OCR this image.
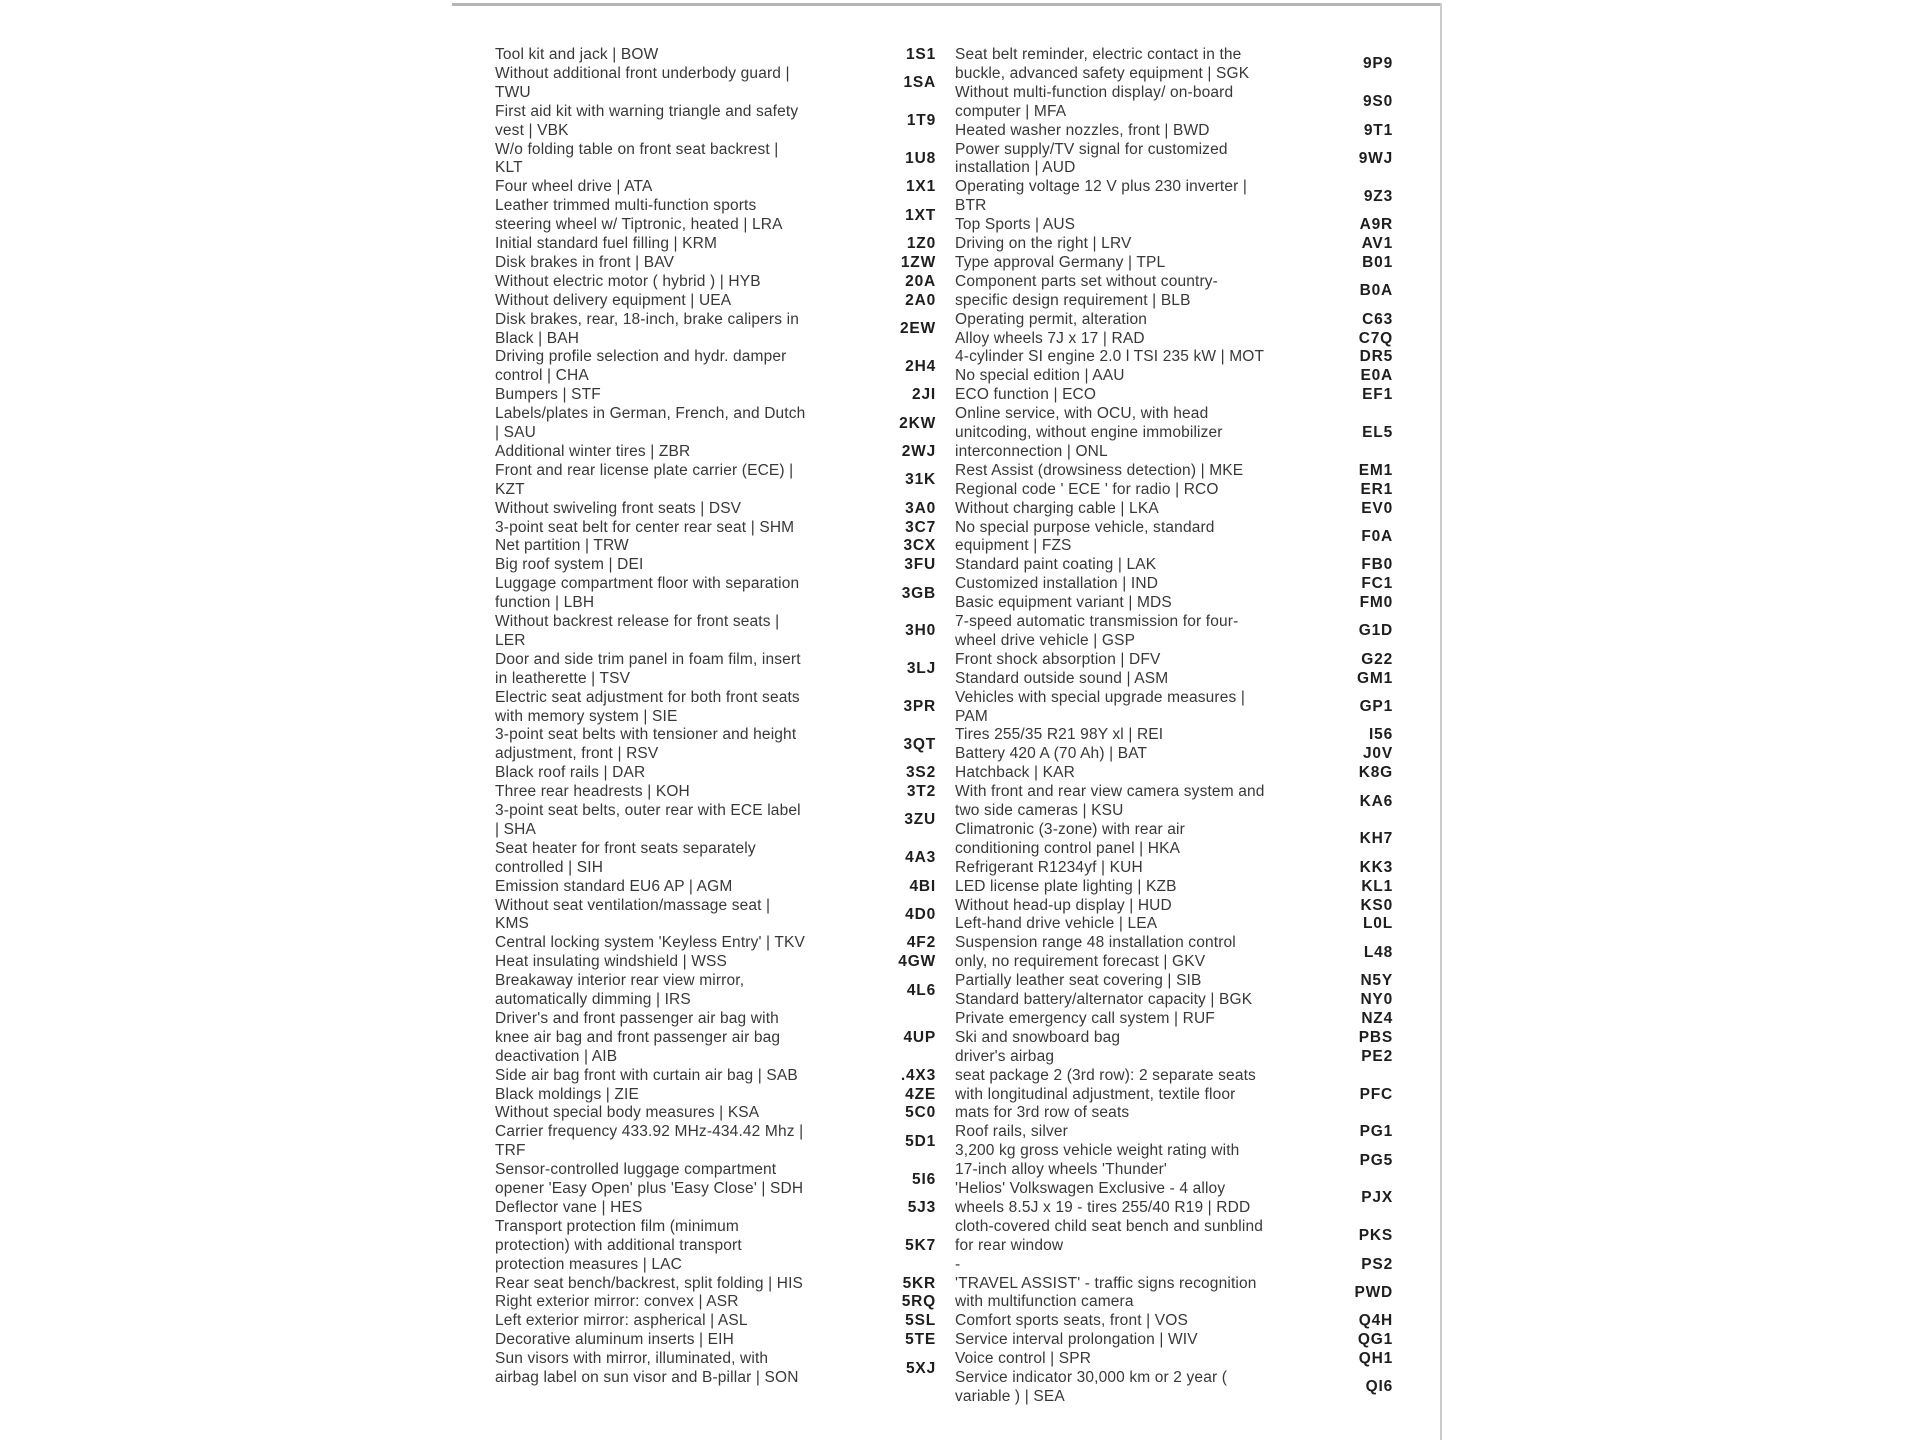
Tool kit and jack | BOW
Without additional front underbody guard |
TWU
First aid kit with warning triangle and safety
vest | VBK
W/o folding table on front seat backrest |
KLT
Four wheel drive | ATA
Leather trimmed multi-function sports
steering wheel w/ Tiptronic, heated | LRA
Initial standard fuel filling | KRM
Disk brakes in front | BAV
Without electric motor ( hybrid ) | HYB
Without delivery equipment | UEA
Disk brakes, rear, 18-inch, brake calipers in
Black | BAH
Driving profile selection and hydr. damper
control | CHA
Bumpers | STF
Labels/plates in German, French, and Dutch
| SAU
Additional winter tires | ZBR
Front and rear license plate carrier (ECE) |
KZT
Without swiveling front seats | DSV
3-point seat belt for center rear seat | SHM
Net partition | TRW
Big roof system | DEI
Luggage compartment floor with separation
function | LBH
Without backrest release for front seats |
LER
Door and side trim panel in foam film, insert
in leatherette | TSV
Electric seat adjustment for both front seats
with memory system | SIE
3-point seat belts with tensioner and height
adjustment, front | RSV
Black roof rails | DAR
Three rear headrests | KOH
3-point seat belts, outer rear with ECE label
| SHA
Seat heater for front seats separately
controlled | SIH
Emission standard EU6 AP | AGM
Without seat ventilation/massage seat |
KMS
Central locking system 'Keyless Entry' | TKV
Heat insulating windshield | WSS
Breakaway interior rear view mirror,
automatically dimming | IRS
Driver's and front passenger air bag with
knee air bag and front passenger air bag
deactivation | AIB
Side air bag front with curtain air bag | SAB
Black moldings | ZIE
Without special body measures | KSA
Carrier frequency 433.92 MHz-434.42 Mhz |
TRF
Sensor-controlled luggage compartment
opener 'Easy Open' plus 'Easy Close' | SDH
Deflector vane | HES
Transport protection film (minimum
protection) with additional transport
protection measures | LAC
Rear seat bench/backrest, split folding | HIS
Right exterior mirror: convex | ASR
Left exterior mirror: aspherical | ASL
Decorative aluminum inserts | EIH
Sun visors with mirror, illuminated, with
airbag label on sun visor and B-pillar | SON
1S1
1SA
1T9
1U8
1X1
1XT
1Z0
1ZW
20A
2A0
2EW
2H4
2JI
2KW
2WJ
31K
3A0
3C7
3CX
3FU
3GB
3H0
3LJ
3PR
3QT
3S2
3T2
3ZU
4A3
4BI
4D0
4F2
4GW
4L6
4UP
.4X3
4ZE
5C0
5D1
5I6
5J3
5K7
5KR
5RQ
5SL
5TE
5XJ
Seat belt reminder, electric contact in the
buckle, advanced safety equipment | SGK
Without multi-function display/ on-board
computer | MFA
Heated washer nozzles, front | BWD
Power supply/TV signal for customized
installation | AUD
Operating voltage 12 V plus 230 inverter |
BTR
Top Sports | AUS
Driving on the right | LRV
Type approval Germany | TPL
Component parts set without country-
specific design requirement | BLB
Operating permit, alteration
Alloy wheels 7J x 17 | RAD
4-cylinder SI engine 2.0 l TSI 235 kW | MOT
No special edition | AAU
ECO function | ECO
Online service, with OCU, with head
unitcoding, without engine immobilizer
interconnection | ONL
Rest Assist (drowsiness detection) | MKE
Regional code ' ECE ' for radio | RCO
Without charging cable | LKA
No special purpose vehicle, standard
equipment | FZS
Standard paint coating | LAK
Customized installation | IND
Basic equipment variant | MDS
7-speed automatic transmission for four-
wheel drive vehicle | GSP
Front shock absorption | DFV
Standard outside sound | ASM
Vehicles with special upgrade measures |
PAM
Tires 255/35 R21 98Y xl | REI
Battery 420 A (70 Ah) | BAT
Hatchback | KAR
With front and rear view camera system and
two side cameras | KSU
Climatronic (3-zone) with rear air
conditioning control panel | HKA
Refrigerant R1234yf | KUH
LED license plate lighting | KZB
Without head-up display | HUD
Left-hand drive vehicle | LEA
Suspension range 48 installation control
only, no requirement forecast | GKV
Partially leather seat covering | SIB
Standard battery/alternator capacity | BGK
Private emergency call system | RUF
Ski and snowboard bag
driver's airbag
seat package 2 (3rd row): 2 separate seats
with longitudinal adjustment, textile floor
mats for 3rd row of seats
Roof rails, silver
3,200 kg gross vehicle weight rating with
17-inch alloy wheels 'Thunder'
'Helios' Volkswagen Exclusive - 4 alloy
wheels 8.5J x 19 - tires 255/40 R19 | RDD
cloth-covered child seat bench and sunblind
for rear window
-
'TRAVEL ASSIST' - traffic signs recognition
with multifunction camera
Comfort sports seats, front | VOS
Service interval prolongation | WIV
Voice control | SPR
Service indicator 30,000 km or 2 year (
variable ) | SEA
9P9
9S0
9T1
9WJ
9Z3
A9R
AV1
B01
B0A
C63
C7Q
DR5
E0A
EF1
EL5
EM1
ER1
EV0
F0A
FB0
FC1
FM0
G1D
G22
GM1
GP1
I56
J0V
K8G
KA6
KH7
KK3
KL1
KS0
L0L
L48
N5Y
NY0
NZ4
PBS
PE2
PFC
PG1
PG5
PJX
PKS
PS2
PWD
Q4H
QG1
QH1
QI6
